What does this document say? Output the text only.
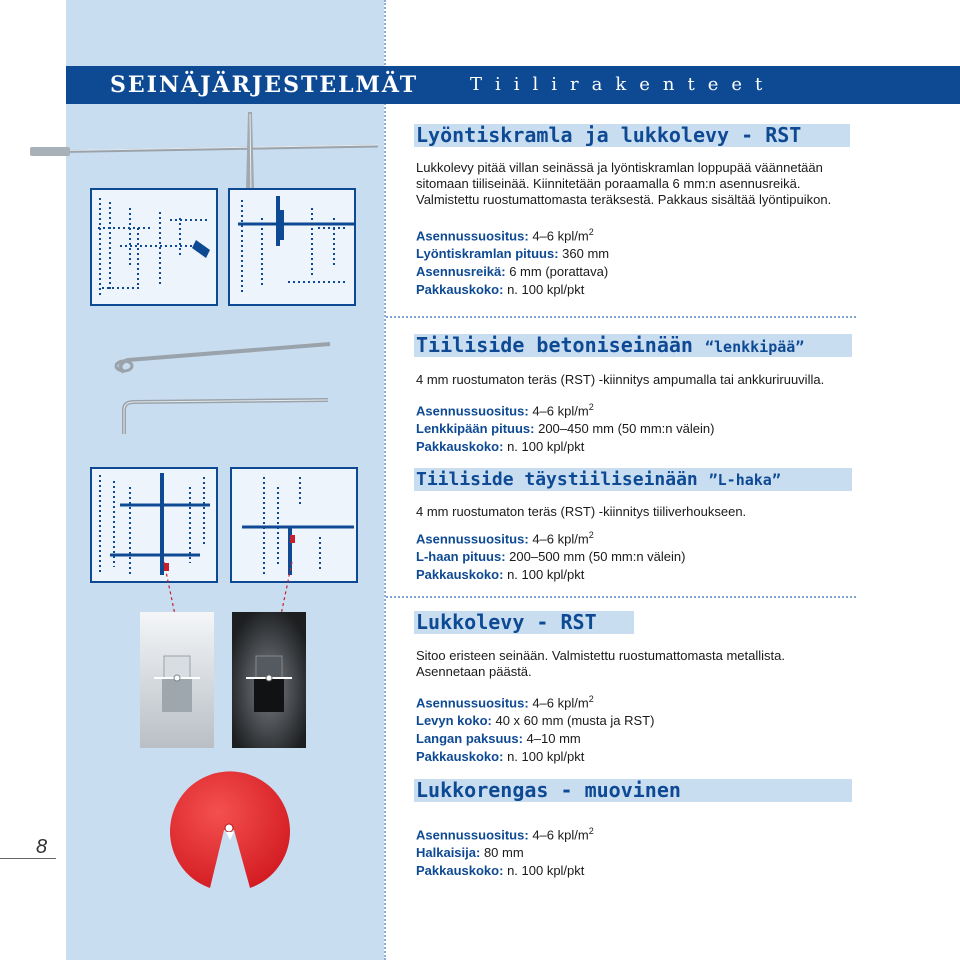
SEINÄJÄRJESTELMÄT	Tiilirakenteet
Lyöntiskramla ja lukkolevy - RST
Lukkolevy pitää villan seinässä ja lyöntiskramlan loppupää väännetään sitomaan tiiliseinää. Kiinnitetään poraamalla 6 mm:n asennusreikä. Valmistettu ruostumattomasta teräksestä. Pakkaus sisältää lyöntipuikon.
Asennussuositus: 4–6 kpl/$m^2$
Lyöntiskramlan pituus: 360 mm
Asennusreikä: 6 mm (porattava)
Pakkauskoko: n. 100 kpl/pkt
Tiiliside betoniseinään “lenkkipää”
4 mm ruostumaton teräs (RST) -kiinnitys ampumalla tai ankkuriruuvilla.
Asennussuositus: 4–6 kpl/$m^2$
Lenkkipään pituus: 200–450 mm (50 mm:n välein)
Pakkauskoko: n. 100 kpl/pkt
Tiiliside täystiiliseinään ”L-haka”
4 mm ruostumaton teräs (RST) -kiinnitys tiiliverhoukseen.
Asennussuositus: 4–6 kpl/$m^2$
L-haan pituus: 200–500 mm (50 mm:n välein)
Pakkauskoko: n. 100 kpl/pkt
Lukkolevy - RST
Sitoo eristeen seinään. Valmistettu ruostumattomasta metallista. Asennetaan päästä.
Asennussuositus: 4–6 kpl/$m^2$
Levyn koko: 40 x 60 mm (musta ja RST)
Langan paksuus: 4–10 mm
Pakkauskoko: n. 100 kpl/pkt
Lukkorengas - muovinen
Asennussuositus: 4–6 kpl/$m^2$
Halkaisija: 80 mm
Pakkauskoko: n. 100 kpl/pkt
8
